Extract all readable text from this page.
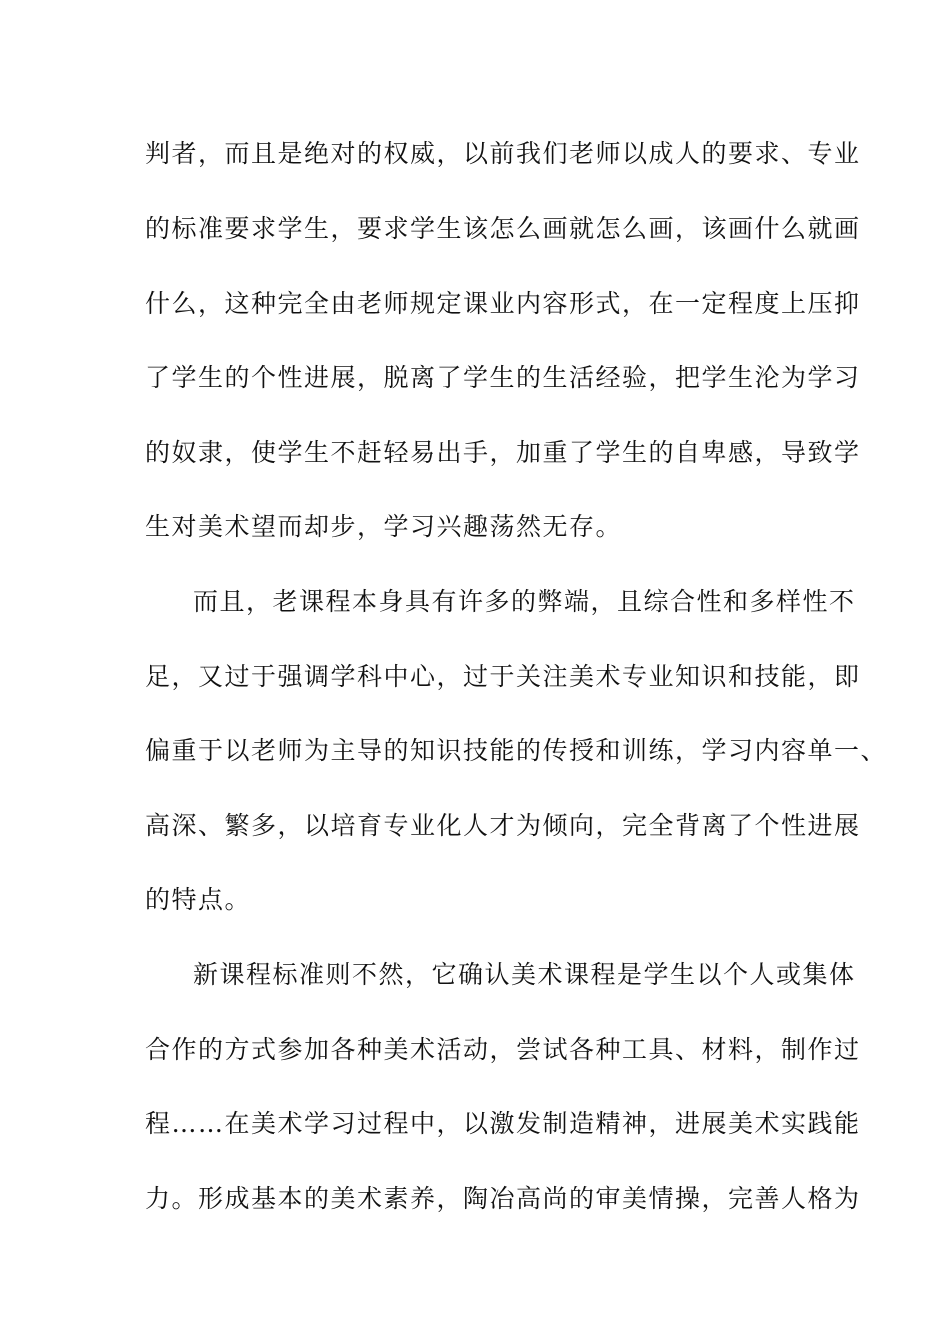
判者，而且是绝对的权威，以前我们老师以成人的要求、专业
的标准要求学生，要求学生该怎么画就怎么画，该画什么就画
什么，这种完全由老师规定课业内容形式，在一定程度上压抑
了学生的个性进展，脱离了学生的生活经验，把学生沦为学习
的奴隶，使学生不赶轻易出手，加重了学生的自卑感，导致学
生对美术望而却步，学习兴趣荡然无存。
而且，老课程本身具有许多的弊端，且综合性和多样性不
足，又过于强调学科中心，过于关注美术专业知识和技能，即
偏重于以老师为主导的知识技能的传授和训练，学习内容单一、
高深、繁多，以培育专业化人才为倾向，完全背离了个性进展
的特点。
新课程标准则不然，它确认美术课程是学生以个人或集体
合作的方式参加各种美术活动，尝试各种工具、材料，制作过
程……在美术学习过程中，以激发制造精神，进展美术实践能
力。形成基本的美术素养，陶冶高尚的审美情操，完善人格为
